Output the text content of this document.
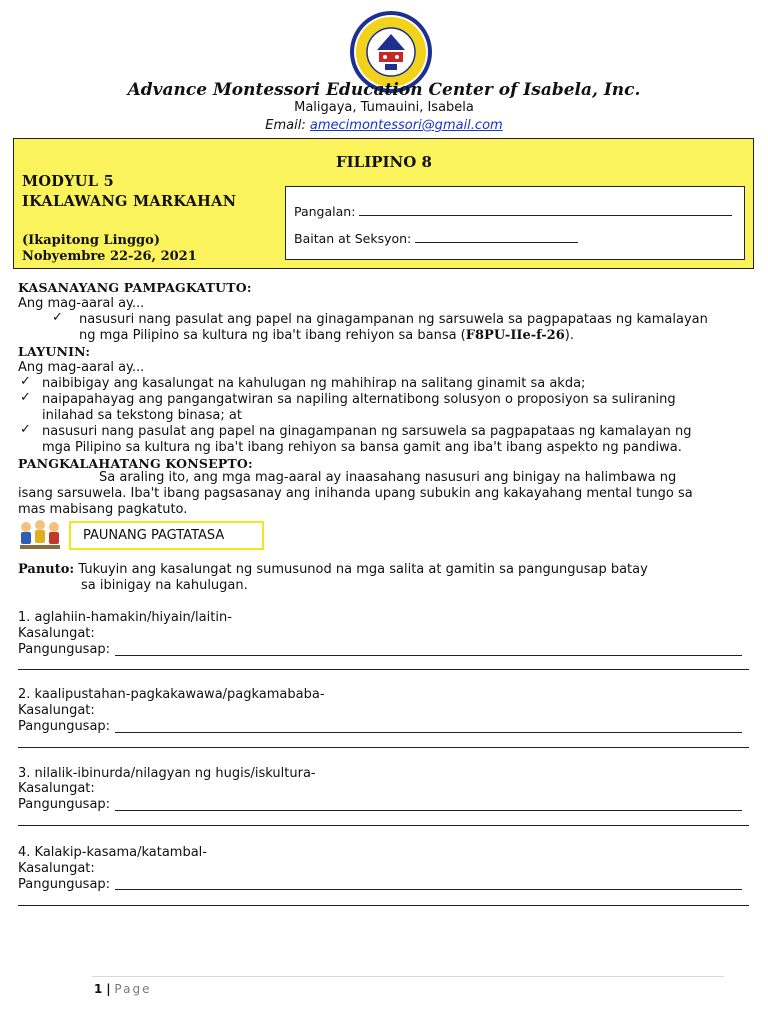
Advance Montessori Education Center of Isabela, Inc.
Maligaya, Tumauini, Isabela
Email: amecimontessori@gmail.com
FILIPINO 8
MODYUL 5
IKALAWANG MARKAHAN
(Ikapitong Linggo)
Nobyembre 22-26, 2021
Pangalan:
Baitan at Seksyon:
KASANAYANG PAMPAGKATUTO:
Ang mag-aaral ay...
✓ nasusuri nang pasulat ang papel na ginagampanan ng sarsuwela sa pagpapataas ng kamalayan
ng mga Pilipino sa kultura ng iba't ibang rehiyon sa bansa (F8PU-IIe-f-26).
LAYUNIN:
Ang mag-aaral ay...
✓ naibibigay ang kasalungat na kahulugan ng mahihirap na salitang ginamit sa akda;
✓ naipapahayag ang pangangatwiran sa napiling alternatibong solusyon o proposiyon sa suliraning
inilahad sa tekstong binasa; at
✓ nasusuri nang pasulat ang papel na ginagampanan ng sarsuwela sa pagpapataas ng kamalayan ng
mga Pilipino sa kultura ng iba't ibang rehiyon sa bansa gamit ang iba't ibang aspekto ng pandiwa.
PANGKALAHATANG KONSEPTO:
Sa araling ito, ang mga mag-aaral ay inaasahang nasusuri ang binigay na halimbawa ng
isang sarsuwela. Iba't ibang pagsasanay ang inihanda upang subukin ang kakayahang mental tungo sa
mas mabisang pagkatuto.
PAUNANG PAGTATASA
Panuto: Tukuyin ang kasalungat ng sumusunod na mga salita at gamitin sa pangungusap batay
sa ibinigay na kahulugan.
1. aglahiin-hamakin/hiyain/laitin-
Kasalungat:
Pangungusap:
2. kaalipustahan-pagkakawawa/pagkamababa-
Kasalungat:
Pangungusap:
3. nilalik-ibinurda/nilagyan ng hugis/iskultura-
Kasalungat:
Pangungusap:
4. Kalakip-kasama/katambal-
Kasalungat:
Pangungusap:
1 | Page
